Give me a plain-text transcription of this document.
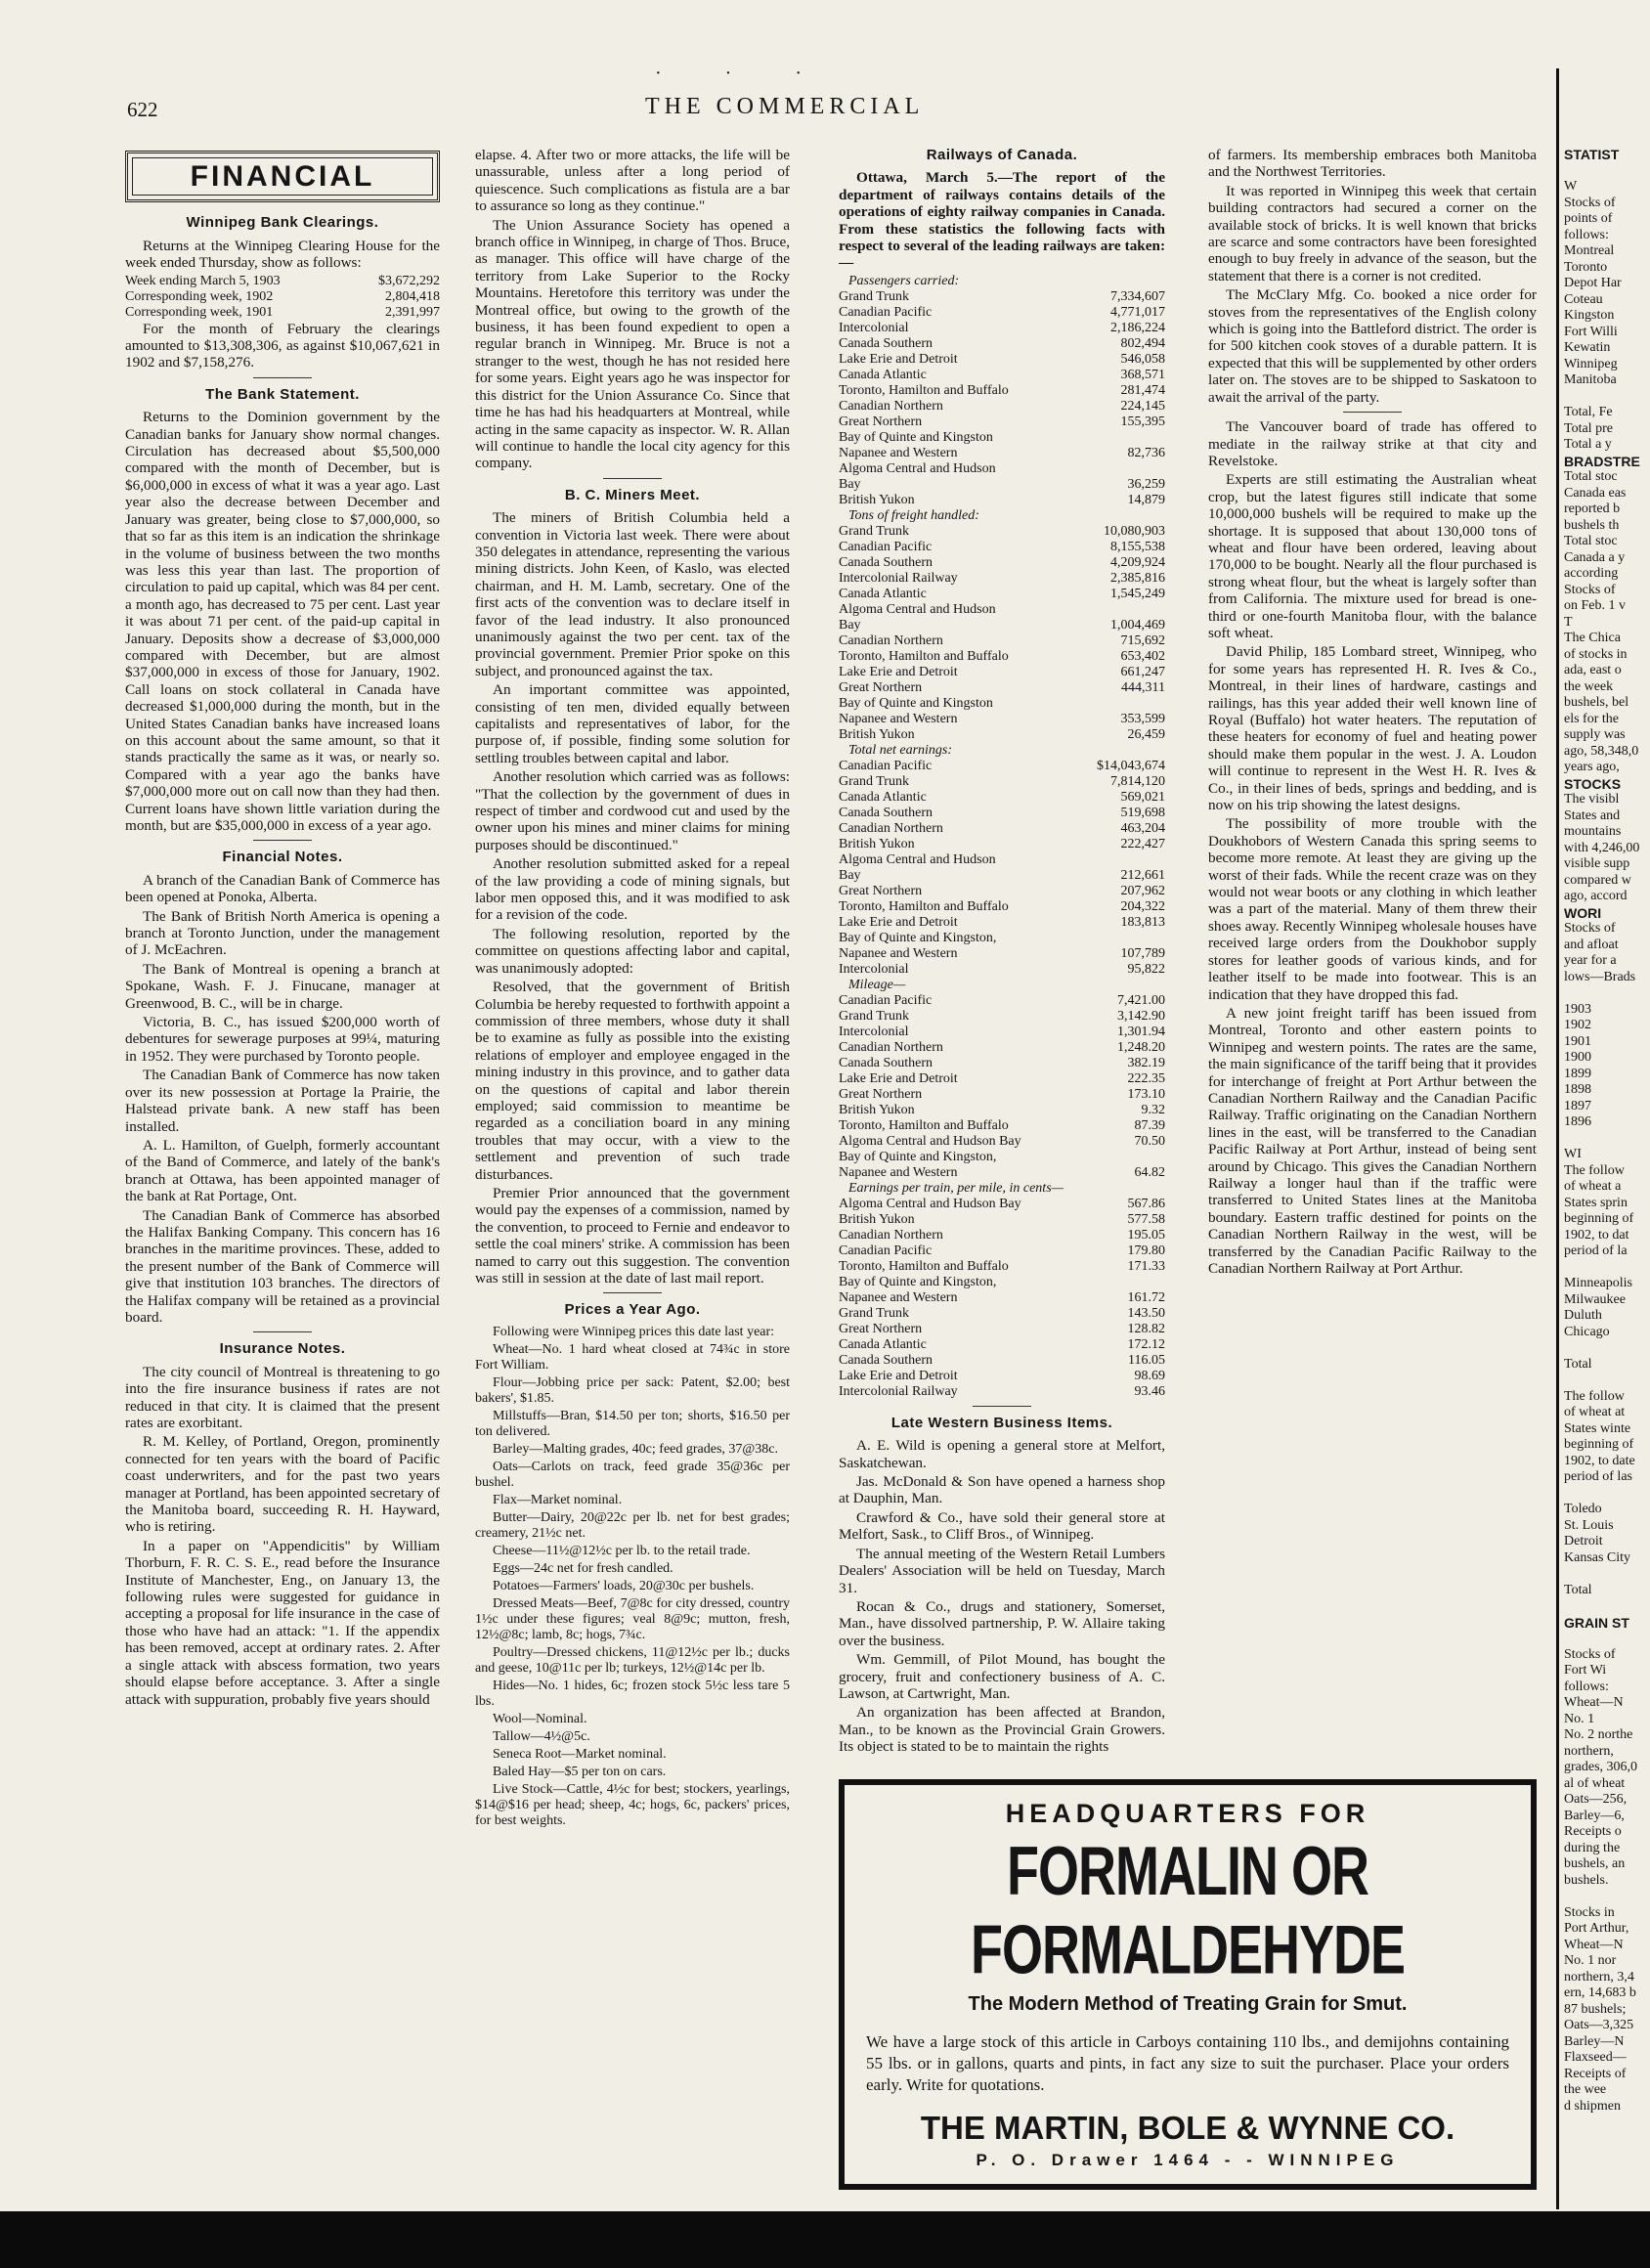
· · ·
622	THE COMMERCIAL
FINANCIAL
Winnipeg Bank Clearings.

Returns at the Winnipeg Clearing House for the week ended Thursday, show as follows:

Week ending March 5, 1903	$3,672,292
Corresponding week, 1902	2,804,418
Corresponding week, 1901	2,391,997

For the month of February the clearings amounted to $13,308,306, as against $10,067,621 in 1902 and $7,158,276.

The Bank Statement.

Returns to the Dominion government by the Canadian banks for January show normal changes. Circulation has decreased about $5,500,000 compared with the month of December, but is $6,000,000 in excess of what it was a year ago. Last year also the decrease between December and January was greater, being close to $7,000,000, so that so far as this item is an indication the shrinkage in the volume of business between the two months was less this year than last. The proportion of circulation to paid up capital, which was 84 per cent. a month ago, has decreased to 75 per cent. Last year it was about 71 per cent. of the paid-up capital in January. Deposits show a decrease of $3,000,000 compared with December, but are almost $37,000,000 in excess of those for January, 1902. Call loans on stock collateral in Canada have decreased $1,000,000 during the month, but in the United States Canadian banks have increased loans on this account about the same amount, so that it stands practically the same as it was, or nearly so. Compared with a year ago the banks have $7,000,000 more out on call now than they had then. Current loans have shown little variation during the month, but are $35,000,000 in excess of a year ago.

Financial Notes.

A branch of the Canadian Bank of Commerce has been opened at Ponoka, Alberta.

The Bank of British North America is opening a branch at Toronto Junction, under the management of J. McEachren.

The Bank of Montreal is opening a branch at Spokane, Wash. F. J. Finucane, manager at Greenwood, B. C., will be in charge.

Victoria, B. C., has issued $200,000 worth of debentures for sewerage purposes at 99¼, maturing in 1952. They were purchased by Toronto people.

The Canadian Bank of Commerce has now taken over its new possession at Portage la Prairie, the Halstead private bank. A new staff has been installed.

A. L. Hamilton, of Guelph, formerly accountant of the Band of Commerce, and lately of the bank's branch at Ottawa, has been appointed manager of the bank at Rat Portage, Ont.

The Canadian Bank of Commerce has absorbed the Halifax Banking Company. This concern has 16 branches in the maritime provinces. These, added to the present number of the Bank of Commerce will give that institution 103 branches. The directors of the Halifax company will be retained as a provincial board.

Insurance Notes.

The city council of Montreal is threatening to go into the fire insurance business if rates are not reduced in that city. It is claimed that the present rates are exorbitant.

R. M. Kelley, of Portland, Oregon, prominently connected for ten years with the board of Pacific coast underwriters, and for the past two years manager at Portland, has been appointed secretary of the Manitoba board, succeeding R. H. Hayward, who is retiring.

In a paper on "Appendicitis" by William Thorburn, F. R. C. S. E., read before the Insurance Institute of Manchester, Eng., on January 13, the following rules were suggested for guidance in accepting a proposal for life insurance in the case of those who have had an attack: "1. If the appendix has been removed, accept at ordinary rates. 2. After a single attack with abscess formation, two years should elapse before acceptance. 3. After a single attack with suppuration, probably five years should

elapse. 4. After two or more attacks, the life will be unassurable, unless after a long period of quiescence. Such complications as fistula are a bar to assurance so long as they continue."

The Union Assurance Society has opened a branch office in Winnipeg, in charge of Thos. Bruce, as manager. This office will have charge of the territory from Lake Superior to the Rocky Mountains. Heretofore this territory was under the Montreal office, but owing to the growth of the business, it has been found expedient to open a regular branch in Winnipeg. Mr. Bruce is not a stranger to the west, though he has not resided here for some years. Eight years ago he was inspector for this district for the Union Assurance Co. Since that time he has had his headquarters at Montreal, while acting in the same capacity as inspector. W. R. Allan will continue to handle the local city agency for this company.

B. C. Miners Meet.

The miners of British Columbia held a convention in Victoria last week. There were about 350 delegates in attendance, representing the various mining districts. John Keen, of Kaslo, was elected chairman, and H. M. Lamb, secretary. One of the first acts of the convention was to declare itself in favor of the lead industry. It also pronounced unanimously against the two per cent. tax of the provincial government. Premier Prior spoke on this subject, and pronounced against the tax.

An important committee was appointed, consisting of ten men, divided equally between capitalists and representatives of labor, for the purpose of, if possible, finding some solution for settling troubles between capital and labor.

Another resolution which carried was as follows: "That the collection by the government of dues in respect of timber and cordwood cut and used by the owner upon his mines and miner claims for mining purposes should be discontinued."

Another resolution submitted asked for a repeal of the law providing a code of mining signals, but labor men opposed this, and it was modified to ask for a revision of the code.

The following resolution, reported by the committee on questions affecting labor and capital, was unanimously adopted:

Resolved, that the government of British Columbia be hereby requested to forthwith appoint a commission of three members, whose duty it shall be to examine as fully as possible into the existing relations of employer and employee engaged in the mining industry in this province, and to gather data on the questions of capital and labor therein employed; said commission to meantime be regarded as a conciliation board in any mining troubles that may occur, with a view to the settlement and prevention of such trade disturbances.

Premier Prior announced that the government would pay the expenses of a commission, named by the convention, to proceed to Fernie and endeavor to settle the coal miners' strike. A commission has been named to carry out this suggestion. The convention was still in session at the date of last mail report.

Prices a Year Ago.

Following were Winnipeg prices this date last year:

Wheat—No. 1 hard wheat closed at 74¾c in store Fort William.

Flour—Jobbing price per sack: Patent, $2.00; best bakers', $1.85.

Millstuffs—Bran, $14.50 per ton; shorts, $16.50 per ton delivered.

Barley—Malting grades, 40c; feed grades, 37@38c.

Oats—Carlots on track, feed grade 35@36c per bushel.

Flax—Market nominal.

Butter—Dairy, 20@22c per lb. net for best grades; creamery, 21½c net.

Cheese—11½@12½c per lb. to the retail trade.

Eggs—24c net for fresh candled.

Potatoes—Farmers' loads, 20@30c per bushels.

Dressed Meats—Beef, 7@8c for city dressed, country 1½c under these figures; veal 8@9c; mutton, fresh, 12½@8c; lamb, 8c; hogs, 7¾c.

Poultry—Dressed chickens, 11@12½c per lb.; ducks and geese, 10@11c per lb; turkeys, 12½@14c per lb.

Hides—No. 1 hides, 6c; frozen stock 5½c less tare 5 lbs.

Wool—Nominal.

Tallow—4½@5c.

Seneca Root—Market nominal.

Baled Hay—$5 per ton on cars.

Live Stock—Cattle, 4½c for best; stockers, yearlings, $14@$16 per head; sheep, 4c; hogs, 6c, packers' prices, for best weights.

Railways of Canada.

Ottawa, March 5.—The report of the department of railways contains details of the operations of eighty railway companies in Canada. From these statistics the following facts with respect to several of the leading railways are taken:—

Passengers carried:	
Grand Trunk	7,334,607
Canadian Pacific	4,771,017
Intercolonial	2,186,224
Canada Southern	802,494
Lake Erie and Detroit	546,058
Canada Atlantic	368,571
Toronto, Hamilton and Buffalo	281,474
Canadian Northern	224,145
Great Northern	155,395
Bay of Quinte and Kingston	
Napanee and Western	82,736
Algoma Central and Hudson	
Bay	36,259
British Yukon	14,879
Tons of freight handled:	
Grand Trunk	10,080,903
Canadian Pacific	8,155,538
Canada Southern	4,209,924
Intercolonial Railway	2,385,816
Canada Atlantic	1,545,249
Algoma Central and Hudson	
Bay	1,004,469
Canadian Northern	715,692
Toronto, Hamilton and Buffalo	653,402
Lake Erie and Detroit	661,247
Great Northern	444,311
Bay of Quinte and Kingston	
Napanee and Western	353,599
British Yukon	26,459
Total net earnings:	
Canadian Pacific	$14,043,674
Grand Trunk	7,814,120
Canada Atlantic	569,021
Canada Southern	519,698
Canadian Northern	463,204
British Yukon	222,427
Algoma Central and Hudson	
Bay	212,661
Great Northern	207,962
Toronto, Hamilton and Buffalo	204,322
Lake Erie and Detroit	183,813
Bay of Quinte and Kingston,	
Napanee and Western	107,789
Intercolonial	95,822
Mileage—	
Canadian Pacific	7,421.00
Grand Trunk	3,142.90
Intercolonial	1,301.94
Canadian Northern	1,248.20
Canada Southern	382.19
Lake Erie and Detroit	222.35
Great Northern	173.10
British Yukon	9.32
Toronto, Hamilton and Buffalo	87.39
Algoma Central and Hudson Bay	70.50
Bay of Quinte and Kingston,	
Napanee and Western	64.82
Earnings per train, per mile, in cents—	
Algoma Central and Hudson Bay	567.86
British Yukon	577.58
Canadian Northern	195.05
Canadian Pacific	179.80
Toronto, Hamilton and Buffalo	171.33
Bay of Quinte and Kingston,	
Napanee and Western	161.72
Grand Trunk	143.50
Great Northern	128.82
Canada Atlantic	172.12
Canada Southern	116.05
Lake Erie and Detroit	98.69
Intercolonial Railway	93.46
Late Western Business Items.

A. E. Wild is opening a general store at Melfort, Saskatchewan.

Jas. McDonald & Son have opened a harness shop at Dauphin, Man.

Crawford & Co., have sold their general store at Melfort, Sask., to Cliff Bros., of Winnipeg.

The annual meeting of the Western Retail Lumbers Dealers' Association will be held on Tuesday, March 31.

Rocan & Co., drugs and stationery, Somerset, Man., have dissolved partnership, P. W. Allaire taking over the business.

Wm. Gemmill, of Pilot Mound, has bought the grocery, fruit and confectionery business of A. C. Lawson, at Cartwright, Man.

An organization has been affected at Brandon, Man., to be known as the Provincial Grain Growers. Its object is stated to be to maintain the rights

of farmers. Its membership embraces both Manitoba and the Northwest Territories.

It was reported in Winnipeg this week that certain building contractors had secured a corner on the available stock of bricks. It is well known that bricks are scarce and some contractors have been foresighted enough to buy freely in advance of the season, but the statement that there is a corner is not credited.

The McClary Mfg. Co. booked a nice order for stoves from the representatives of the English colony which is going into the Battleford district. The order is for 500 kitchen cook stoves of a durable pattern. It is expected that this will be supplemented by other orders later on. The stoves are to be shipped to Saskatoon to await the arrival of the party.

The Vancouver board of trade has offered to mediate in the railway strike at that city and Revelstoke.

Experts are still estimating the Australian wheat crop, but the latest figures still indicate that some 10,000,000 bushels will be required to make up the shortage. It is supposed that about 130,000 tons of wheat and flour have been ordered, leaving about 170,000 to be bought. Nearly all the flour purchased is strong wheat flour, but the wheat is largely softer than from California. The mixture used for bread is one-third or one-fourth Manitoba flour, with the balance soft wheat.

David Philip, 185 Lombard street, Winnipeg, who for some years has represented H. R. Ives & Co., Montreal, in their lines of hardware, castings and railings, has this year added their well known line of Royal (Buffalo) hot water heaters. The reputation of these heaters for economy of fuel and heating power should make them popular in the west. J. A. Loudon will continue to represent in the West H. R. Ives & Co., in their lines of beds, springs and bedding, and is now on his trip showing the latest designs.

The possibility of more trouble with the Doukhobors of Western Canada this spring seems to become more remote. At least they are giving up the worst of their fads. While the recent craze was on they would not wear boots or any clothing in which leather was a part of the material. Many of them threw their shoes away. Recently Winnipeg wholesale houses have received large orders from the Doukhobor supply stores for leather goods of various kinds, and for leather itself to be made into footwear. This is an indication that they have dropped this fad.

A new joint freight tariff has been issued from Montreal, Toronto and other eastern points to Winnipeg and western points. The rates are the same, the main significance of the tariff being that it provides for interchange of freight at Port Arthur between the Canadian Northern Railway and the Canadian Pacific Railway. Traffic originating on the Canadian Northern lines in the east, will be transferred to the Canadian Pacific Railway at Port Arthur, instead of being sent around by Chicago. This gives the Canadian Northern Railway a longer haul than if the traffic were transferred to United States lines at the Manitoba boundary. Eastern traffic destined for points on the Canadian Northern Railway in the west, will be transferred by the Canadian Pacific Railway to the Canadian Northern Railway at Port Arthur.

HEADQUARTERS FOR
FORMALIN OR FORMALDEHYDE
The Modern Method of Treating Grain for Smut.
We have a large stock of this article in Carboys containing 110 lbs., and demijohns containing 55 lbs. or in gallons, quarts and pints, in fact any size to suit the purchaser. Place your orders early. Write for quotations.
THE MARTIN, BOLE & WYNNE CO.
P. O. Drawer 1464 - - WINNIPEG
STATIST
W
Stocks of
points of
follows:
Montreal
Toronto
Depot Har
Coteau
Kingston
Fort Willi
Kewatin
Winnipeg
Manitoba
Total, Fe
Total pre
Total a y
BRADSTRE
Total stoc
Canada eas
reported b
bushels th
Total stoc
Canada a y
according
Stocks of
on Feb. 1 v
T
The Chica
of stocks in
ada, east o
the week
bushels, bel
els for the
supply was
ago, 58,348,0
years ago,
STOCKS
The visibl
States and
mountains
with 4,246,00
visible supp
compared w
ago, accord
WORI
Stocks of
and afloat
year for a
lows—Brads
1903
1902
1901
1900
1899
1898
1897
1896
WI
The follow
of wheat a
States sprin
beginning of
1902, to dat
period of la
Minneapolis
Milwaukee
Duluth
Chicago
Total
The follow
of wheat at
States winte
beginning of
1902, to date
period of las
Toledo
St. Louis
Detroit
Kansas City
Total
GRAIN ST
Stocks of
Fort Wi
follows:
Wheat—N
No. 1
No. 2 northe
northern,
grades, 306,0
al of wheat
Oats—256,
Barley—6,
Receipts o
during the
bushels, an
bushels.
Stocks in
Port Arthur,
Wheat—N
No. 1 nor
northern, 3,4
ern, 14,683 b
87 bushels;
Oats—3,325
Barley—N
Flaxseed—
Receipts of
the wee
d shipmen
